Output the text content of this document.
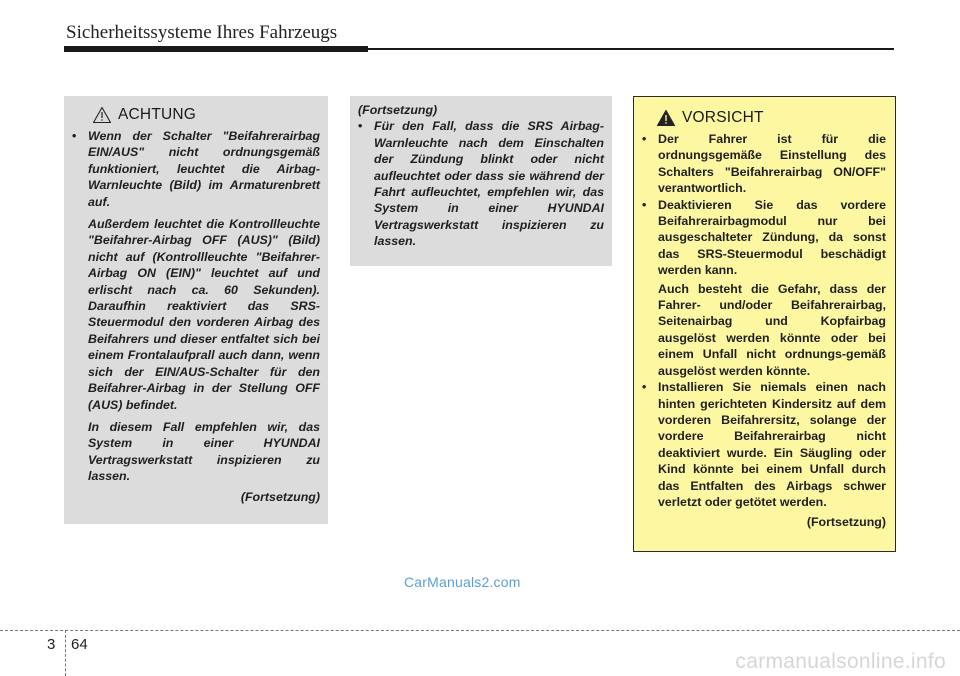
Sicherheitssysteme Ihres Fahrzeugs
ACHTUNG
• Wenn der Schalter "Beifahrerairbag EIN/AUS" nicht ordnungsgemäß funktioniert, leuchtet die Airbag-Warnleuchte (Bild) im Armaturenbrett auf.
Außerdem leuchtet die Kontrollleuchte "Beifahrer-Airbag OFF (AUS)" (Bild) nicht auf (Kontrollleuchte "Beifahrer-Airbag ON (EIN)" leuchtet auf und erlischt nach ca. 60 Sekunden). Daraufhin reaktiviert das SRS-Steuermodul den vorderen Airbag des Beifahrers und dieser entfaltet sich bei einem Frontalaufprall auch dann, wenn sich der EIN/AUS-Schalter für den Beifahrer-Airbag in der Stellung OFF (AUS) befindet.
In diesem Fall empfehlen wir, das System in einer HYUNDAI Vertragswerkstatt inspizieren zu lassen.
(Fortsetzung)
(Fortsetzung)
• Für den Fall, dass die SRS Airbag-Warnleuchte nach dem Einschalten der Zündung blinkt oder nicht aufleuchtet oder dass sie während der Fahrt aufleuchtet, empfehlen wir, das System in einer HYUNDAI Vertragswerkstatt inspizieren zu lassen.
VORSICHT
• Der Fahrer ist für die ordnungsgemäße Einstellung des Schalters "Beifahrerairbag ON/OFF" verantwortlich.
• Deaktivieren Sie das vordere Beifahrerairbagmodul nur bei ausgeschalteter Zündung, da sonst das SRS-Steuermodul beschädigt werden kann.
Auch besteht die Gefahr, dass der Fahrer- und/oder Beifahrerairbag, Seitenairbag und Kopfairbag ausgelöst werden könnte oder bei einem Unfall nicht ordnungs-gemäß ausgelöst werden könnte.
• Installieren Sie niemals einen nach hinten gerichteten Kindersitz auf dem vorderen Beifahrersitz, solange der vordere Beifahrerairbag nicht deaktiviert wurde. Ein Säugling oder Kind könnte bei einem Unfall durch das Entfalten des Airbags schwer verletzt oder getötet werden.
(Fortsetzung)
CarManuals2.com
3 64
carmanualsonline.info
